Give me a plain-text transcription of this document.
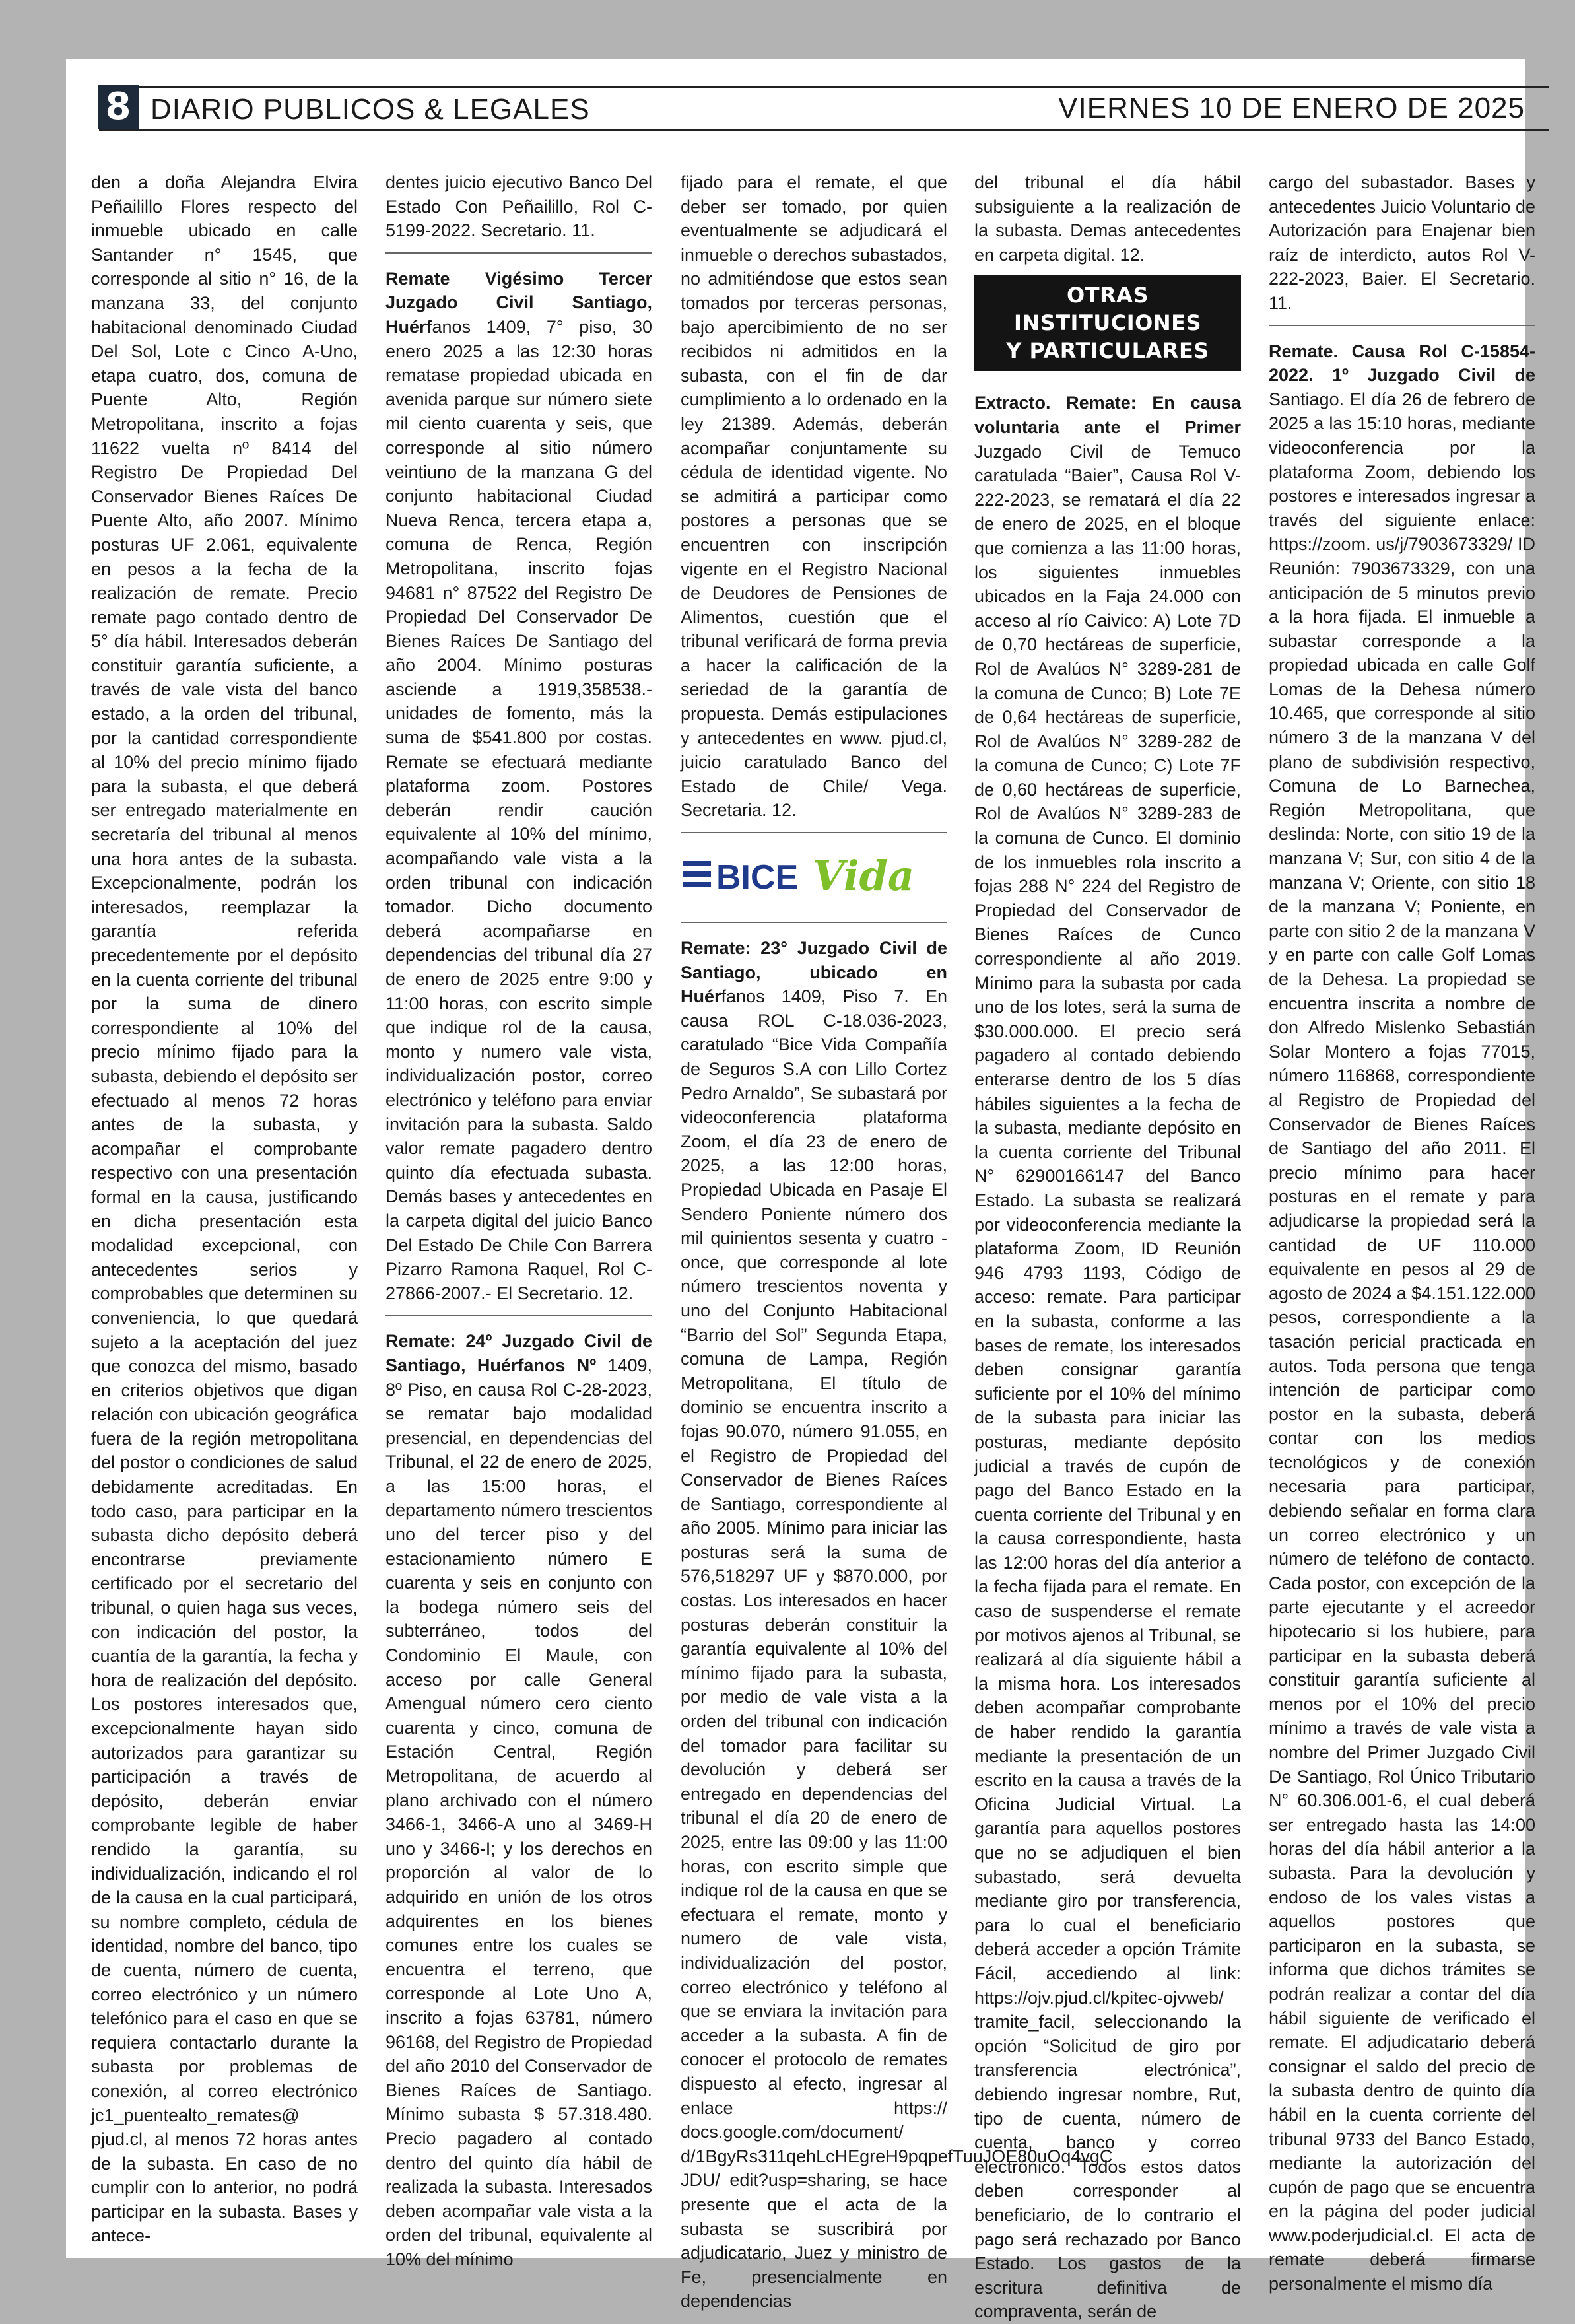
8 DIARIO PUBLICOS & LEGALES	VIERNES 10 DE ENERO DE 2025

den a doña Alejandra Elvira Peñailillo Flores respecto del inmueble ubicado en calle Santander n° 1545, que corresponde al sitio n° 16, de la manzana 33, del conjunto habitacional denominado Ciudad Del Sol, Lote c Cinco A-Uno, etapa cuatro, dos, comuna de Puente Alto, Región Metropolitana, inscrito a fojas 11622 vuelta nº 8414 del Registro De Propiedad Del Conservador Bienes Raíces De Puente Alto, año 2007. Mínimo posturas UF 2.061, equivalente en pesos a la fecha de la realización de remate. Precio remate pago contado dentro de 5° día hábil. Interesados deberán constituir garantía suficiente, a través de vale vista del banco estado, a la orden del tribunal, por la cantidad correspondiente al 10% del precio mínimo fijado para la subasta, el que deberá ser entregado materialmente en secretaría del tribunal al menos una hora antes de la subasta. Excepcionalmente, podrán los interesados, reemplazar la garantía referida precedentemente por el depósito en la cuenta corriente del tribunal por la suma de dinero correspondiente al 10% del precio mínimo fijado para la subasta, debiendo el depósito ser efectuado al menos 72 horas antes de la subasta, y acompañar el comprobante respectivo con una presentación formal en la causa, justificando en dicha presentación esta modalidad excepcional, con antecedentes serios y comprobables que determinen su conveniencia, lo que quedará sujeto a la aceptación del juez que conozca del mismo, basado en criterios objetivos que digan relación con ubicación geográfica fuera de la región metropolitana del postor o condiciones de salud debidamente acreditadas. En todo caso, para participar en la subasta dicho depósito deberá encontrarse previamente certificado por el secretario del tribunal, o quien haga sus veces, con indicación del postor, la cuantía de la garantía, la fecha y hora de realización del depósito. Los postores interesados que, excepcionalmente hayan sido autorizados para garantizar su participación a través de depósito, deberán enviar comprobante legible de haber rendido la garantía, su individualización, indicando el rol de la causa en la cual participará, su nombre completo, cédula de identidad, nombre del banco, tipo de cuenta, número de cuenta, correo electrónico y un número telefónico para el caso en que se requiera contactarlo durante la subasta por problemas de conexión, al correo electrónico jc1_puentealto_remates@ pjud.cl, al menos 72 horas antes de la subasta. En caso de no cumplir con lo anterior, no podrá participar en la subasta. Bases y antece-

dentes juicio ejecutivo Banco Del Estado Con Peñailillo, Rol C-5199-2022. Secretario. 11.

Remate Vigésimo Tercer Juzgado Civil Santiago, Huérfanos 1409, 7° piso, 30 enero 2025 a las 12:30 horas rematase propiedad ubicada en avenida parque sur número siete mil ciento cuarenta y seis, que corresponde al sitio número veintiuno de la manzana G del conjunto habitacional Ciudad Nueva Renca, tercera etapa a, comuna de Renca, Región Metropolitana, inscrito fojas 94681 n° 87522 del Registro De Propiedad Del Conservador De Bienes Raíces De Santiago del año 2004. Mínimo posturas asciende a 1919,358538.- unidades de fomento, más la suma de $541.800 por costas. Remate se efectuará mediante plataforma zoom. Postores deberán rendir caución equivalente al 10% del mínimo, acompañando vale vista a la orden tribunal con indicación tomador. Dicho documento deberá acompañarse en dependencias del tribunal día 27 de enero de 2025 entre 9:00 y 11:00 horas, con escrito simple que indique rol de la causa, monto y numero vale vista, individualización postor, correo electrónico y teléfono para enviar invitación para la subasta. Saldo valor remate pagadero dentro quinto día efectuada subasta. Demás bases y antecedentes en la carpeta digital del juicio Banco Del Estado De Chile Con Barrera Pizarro Ramona Raquel, Rol C-27866-2007.- El Secretario. 12.

Remate: 24º Juzgado Civil de Santiago, Huérfanos Nº 1409, 8º Piso, en causa Rol C-28-2023, se rematar bajo modalidad presencial, en dependencias del Tribunal, el 22 de enero de 2025, a las 15:00 horas, el departamento número trescientos uno del tercer piso y del estacionamiento número E cuarenta y seis en conjunto con la bodega número seis del subterráneo, todos del Condominio El Maule, con acceso por calle General Amengual número cero ciento cuarenta y cinco, comuna de Estación Central, Región Metropolitana, de acuerdo al plano archivado con el número 3466-1, 3466-A uno al 3469-H uno y 3466-I; y los derechos en proporción al valor de lo adquirido en unión de los otros adquirentes en los bienes comunes entre los cuales se encuentra el terreno, que corresponde al Lote Uno A, inscrito a fojas 63781, número 96168, del Registro de Propiedad del año 2010 del Conservador de Bienes Raíces de Santiago. Mínimo subasta $ 57.318.480. Precio pagadero al contado dentro del quinto día hábil de realizada la subasta. Interesados deben acompañar vale vista a la orden del tribunal, equivalente al 10% del mínimo

fijado para el remate, el que deber ser tomado, por quien eventualmente se adjudicará el inmueble o derechos subastados, no admitiéndose que estos sean tomados por terceras personas, bajo apercibimiento de no ser recibidos ni admitidos en la subasta, con el fin de dar cumplimiento a lo ordenado en la ley 21389. Además, deberán acompañar conjuntamente su cédula de identidad vigente. No se admitirá a participar como postores a personas que se encuentren con inscripción vigente en el Registro Nacional de Deudores de Pensiones de Alimentos, cuestión que el tribunal verificará de forma previa a hacer la calificación de la seriedad de la garantía de propuesta. Demás estipulaciones y antecedentes en www. pjud.cl, juicio caratulado Banco del Estado de Chile/ Vega. Secretaria. 12.

BICE Vida

Remate: 23° Juzgado Civil de Santiago, ubicado en Huérfanos 1409, Piso 7. En causa ROL C-18.036-2023, caratulado “Bice Vida Compañía de Seguros S.A con Lillo Cortez Pedro Arnaldo”, Se subastará por videoconferencia plataforma Zoom, el día 23 de enero de 2025, a las 12:00 horas, Propiedad Ubicada en Pasaje El Sendero Poniente número dos mil quinientos sesenta y cuatro - once, que corresponde al lote número trescientos noventa y uno del Conjunto Habitacional “Barrio del Sol” Segunda Etapa, comuna de Lampa, Región Metropolitana, El título de dominio se encuentra inscrito a fojas 90.070, número 91.055, en el Registro de Propiedad del Conservador de Bienes Raíces de Santiago, correspondiente al año 2005. Mínimo para iniciar las posturas será la suma de 576,518297 UF y $870.000, por costas. Los interesados en hacer posturas deberán constituir la garantía equivalente al 10% del mínimo fijado para la subasta, por medio de vale vista a la orden del tribunal con indicación del tomador para facilitar su devolución y deberá ser entregado en dependencias del tribunal el día 20 de enero de 2025, entre las 09:00 y las 11:00 horas, con escrito simple que indique rol de la causa en que se efectuara el remate, monto y numero de vale vista, individualización del postor, correo electrónico y teléfono al que se enviara la invitación para acceder a la subasta. A fin de conocer el protocolo de remates dispuesto al efecto, ingresar al enlace https:// docs.google.com/document/ d/1BgyRs311qehLcHEgreH9pqpefTuuJOE80uOq4vgC JDU/ edit?usp=sharing, se hace presente que el acta de la subasta se suscribirá por adjudicatario, Juez y ministro de Fe, presencialmente en dependencias

del tribunal el día hábil subsiguiente a la realización de la subasta. Demas antecedentes en carpeta digital. 12.

OTRAS INSTITUCIONES
Y PARTICULARES

Extracto. Remate: En causa voluntaria ante el Primer Juzgado Civil de Temuco caratulada “Baier”, Causa Rol V-222-2023, se rematará el día 22 de enero de 2025, en el bloque que comienza a las 11:00 horas, los siguientes inmuebles ubicados en la Faja 24.000 con acceso al río Caivico: A) Lote 7D de 0,70 hectáreas de superficie, Rol de Avalúos N° 3289-281 de la comuna de Cunco; B) Lote 7E de 0,64 hectáreas de superficie, Rol de Avalúos N° 3289-282 de la comuna de Cunco; C) Lote 7F de 0,60 hectáreas de superficie, Rol de Avalúos N° 3289-283 de la comuna de Cunco. El dominio de los inmuebles rola inscrito a fojas 288 N° 224 del Registro de Propiedad del Conservador de Bienes Raíces de Cunco correspondiente al año 2019. Mínimo para la subasta por cada uno de los lotes, será la suma de $30.000.000. El precio será pagadero al contado debiendo enterarse dentro de los 5 días hábiles siguientes a la fecha de la subasta, mediante depósito en la cuenta corriente del Tribunal N° 62900166147 del Banco Estado. La subasta se realizará por videoconferencia mediante la plataforma Zoom, ID Reunión 946 4793 1193, Código de acceso: remate. Para participar en la subasta, conforme a las bases de remate, los interesados deben consignar garantía suficiente por el 10% del mínimo de la subasta para iniciar las posturas, mediante depósito judicial a través de cupón de pago del Banco Estado en la cuenta corriente del Tribunal y en la causa correspondiente, hasta las 12:00 horas del día anterior a la fecha fijada para el remate. En caso de suspenderse el remate por motivos ajenos al Tribunal, se realizará al día siguiente hábil a la misma hora. Los interesados deben acompañar comprobante de haber rendido la garantía mediante la presentación de un escrito en la causa a través de la Oficina Judicial Virtual. La garantía para aquellos postores que no se adjudiquen el bien subastado, será devuelta mediante giro por transferencia, para lo cual el beneficiario deberá acceder a opción Trámite Fácil, accediendo al link: https://ojv.pjud.cl/kpitec-ojvweb/ tramite_facil, seleccionando la opción “Solicitud de giro por transferencia electrónica”, debiendo ingresar nombre, Rut, tipo de cuenta, número de cuenta, banco y correo electrónico. Todos estos datos deben corresponder al beneficiario, de lo contrario el pago será rechazado por Banco Estado. Los gastos de la escritura definitiva de compraventa, serán de

cargo del subastador. Bases y antecedentes Juicio Voluntario de Autorización para Enajenar bien raíz de interdicto, autos Rol V-222-2023, Baier. El Secretario. 11.

Remate. Causa Rol C-15854-2022. 1º Juzgado Civil de Santiago. El día 26 de febrero de 2025 a las 15:10 horas, mediante videoconferencia por la plataforma Zoom, debiendo los postores e interesados ingresar a través del siguiente enlace: https://zoom. us/j/7903673329/ ID Reunión: 7903673329, con una anticipación de 5 minutos previo a la hora fijada. El inmueble a subastar corresponde a la propiedad ubicada en calle Golf Lomas de la Dehesa número 10.465, que corresponde al sitio número 3 de la manzana V del plano de subdivisión respectivo, Comuna de Lo Barnechea, Región Metropolitana, que deslinda: Norte, con sitio 19 de la manzana V; Sur, con sitio 4 de la manzana V; Oriente, con sitio 18 de la manzana V; Poniente, en parte con sitio 2 de la manzana V y en parte con calle Golf Lomas de la Dehesa. La propiedad se encuentra inscrita a nombre de don Alfredo Mislenko Sebastián Solar Montero a fojas 77015, número 116868, correspondiente al Registro de Propiedad del Conservador de Bienes Raíces de Santiago del año 2011. El precio mínimo para hacer posturas en el remate y para adjudicarse la propiedad será la cantidad de UF 110.000 equivalente en pesos al 29 de agosto de 2024 a $4.151.122.000 pesos, correspondiente a la tasación pericial practicada en autos. Toda persona que tenga intención de participar como postor en la subasta, deberá contar con los medios tecnológicos y de conexión necesaria para participar, debiendo señalar en forma clara un correo electrónico y un número de teléfono de contacto. Cada postor, con excepción de la parte ejecutante y el acreedor hipotecario si los hubiere, para participar en la subasta deberá constituir garantía suficiente al menos por el 10% del precio mínimo a través de vale vista a nombre del Primer Juzgado Civil De Santiago, Rol Único Tributario N° 60.306.001-6, el cual deberá ser entregado hasta las 14:00 horas del día hábil anterior a la subasta. Para la devolución y endoso de los vales vistas a aquellos postores que participaron en la subasta, se informa que dichos trámites se podrán realizar a contar del día hábil siguiente de verificado el remate. El adjudicatario deberá consignar el saldo del precio de la subasta dentro de quinto día hábil en la cuenta corriente del tribunal 9733 del Banco Estado, mediante la autorización del cupón de pago que se encuentra en la página del poder judicial www.poderjudicial.cl. El acta de remate deberá firmarse personalmente el mismo día
